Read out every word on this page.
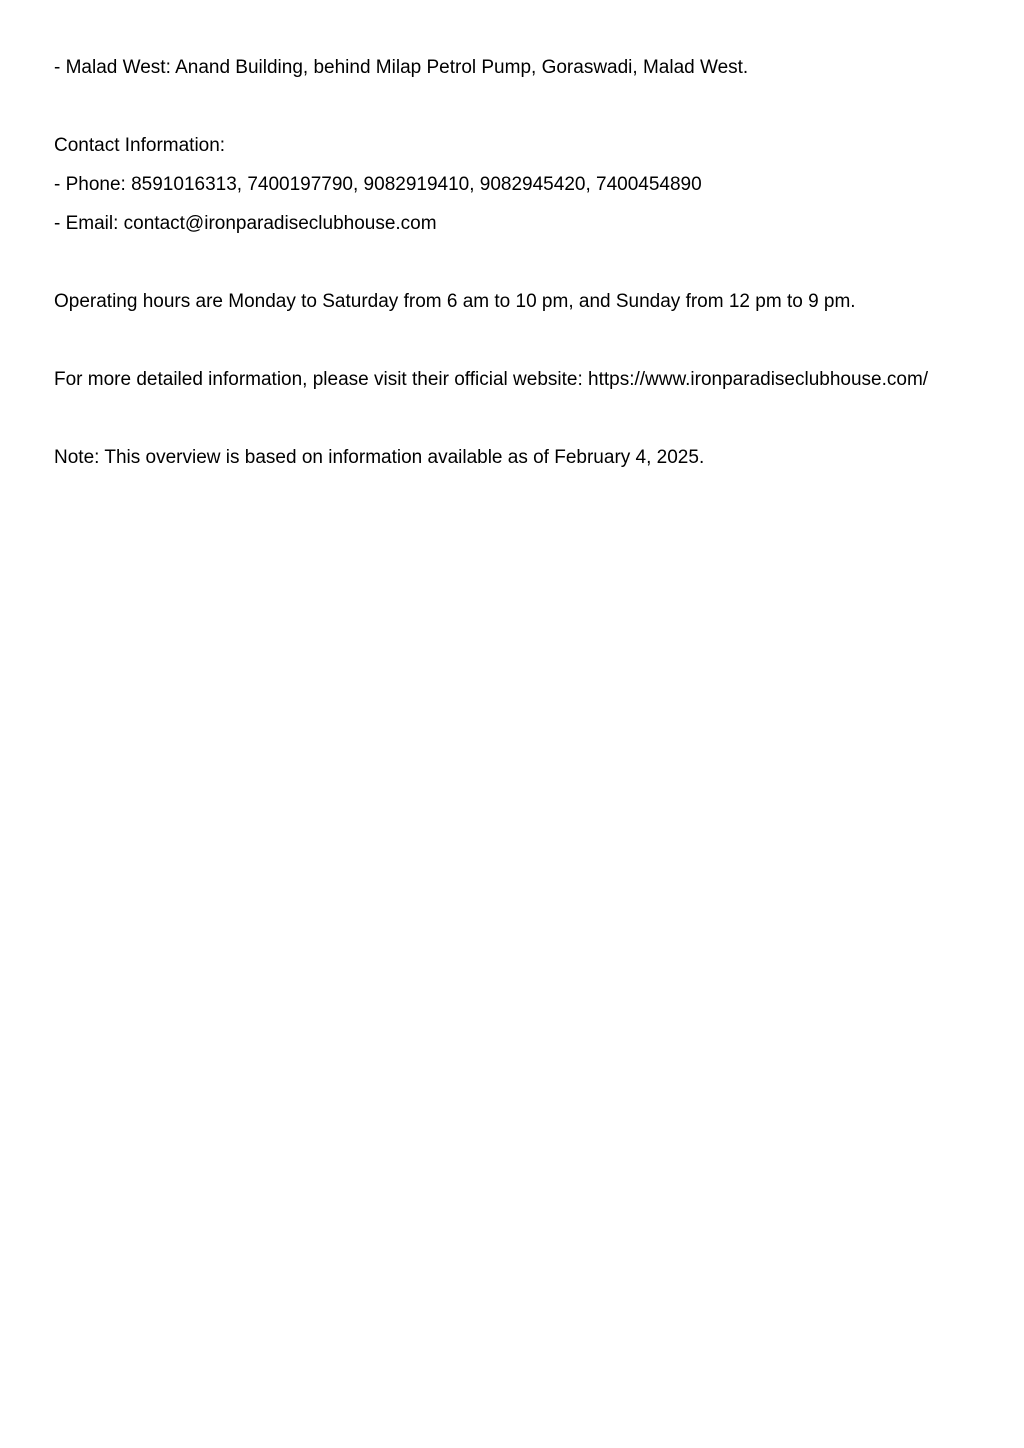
- Malad West: Anand Building, behind Milap Petrol Pump, Goraswadi, Malad West.

Contact Information:

- Phone: 8591016313, 7400197790, 9082919410, 9082945420, 7400454890

- Email: contact@ironparadiseclubhouse.com

Operating hours are Monday to Saturday from 6 am to 10 pm, and Sunday from 12 pm to 9 pm.

For more detailed information, please visit their official website: https://www.ironparadiseclubhouse.com/

Note: This overview is based on information available as of February 4, 2025.
